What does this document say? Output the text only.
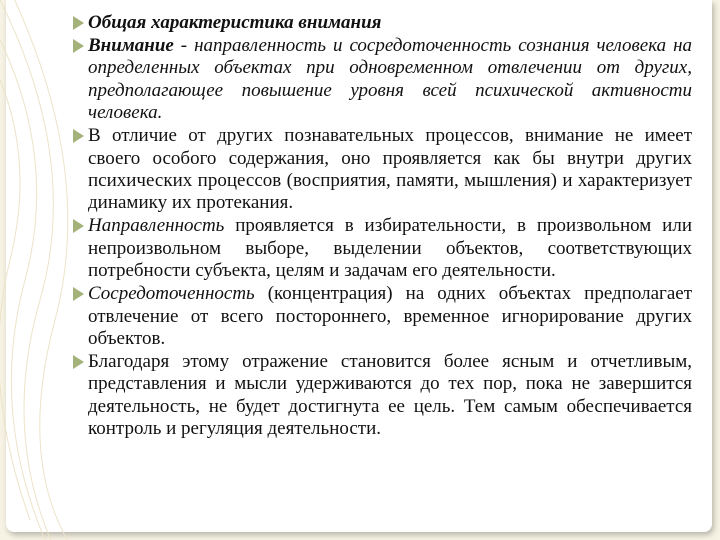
Общая характеристика внимания
Внимание - направленность и сосредоточенность сознания человека на определенных объектах при одновременном отвлечении от других, предполагающее повышение уровня всей психической активности человека.
В отличие от других познавательных процессов, внимание не имеет своего особого содержания, оно проявляется как бы внутри других психических процессов (восприятия, памяти, мышления) и характеризует динамику их протекания.
Направленность проявляется в избирательности, в произвольном или непроизвольном выборе, выделении объектов, соответствующих потребности субъекта, целям и задачам его деятельности.
Сосредоточенность (концентрация) на одних объектах предполагает отвлечение от всего постороннего, временное игнорирование других объектов.
Благодаря этому отражение становится более ясным и отчетливым, представления и мысли удерживаются до тех пор, пока не завершится деятельность, не будет достигнута ее цель. Тем самым обеспечивается контроль и регуляция деятельности.
